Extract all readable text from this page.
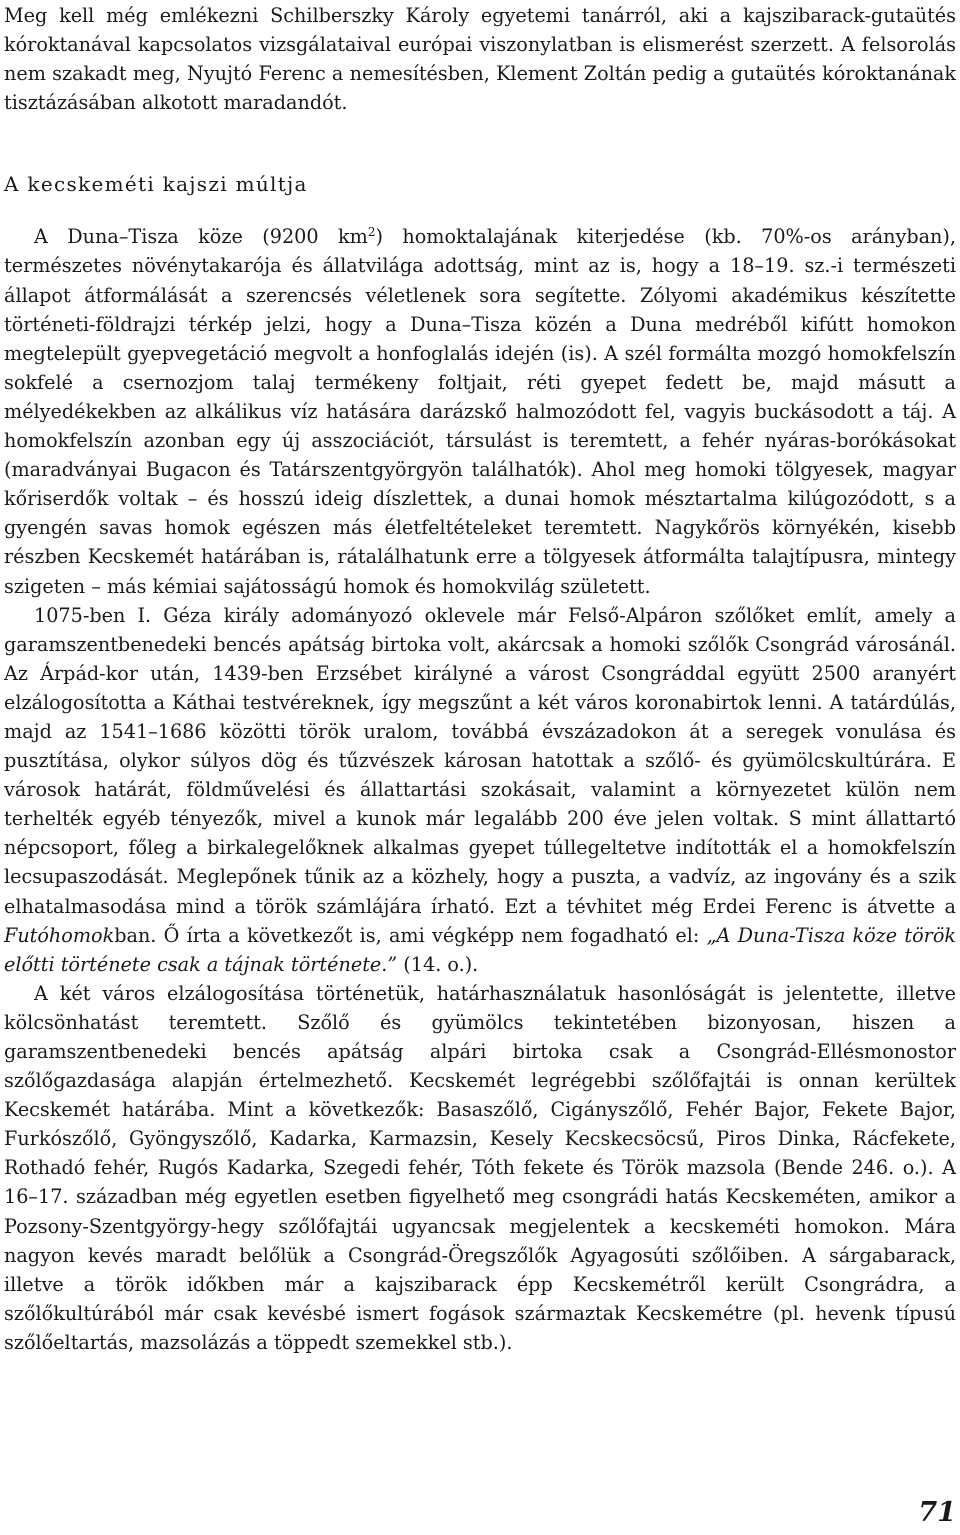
Meg kell még emlékezni Schilberszky Károly egyetemi tanárról, aki a kajszibarack-gutaütés kóroktanával kapcsolatos vizsgálataival európai viszonylatban is elismerést szerzett. A felsorolás nem szakadt meg, Nyujtó Ferenc a nemesítésben, Klement Zoltán pedig a gutaütés kóroktanának tisztázásában alkotott maradandót.

A kecskeméti kajszi múltja

A Duna–Tisza köze (9200 $km^2$) homoktalajának kiterjedése (kb. 70%-os arányban), természetes növénytakarója és állatvilága adottság, mint az is, hogy a 18–19. sz.-i természeti állapot átformálását a szerencsés véletlenek sora segítette. Zólyomi akadémikus készítette történeti-földrajzi térkép jelzi, hogy a Duna–Tisza közén a Duna medréből kifútt homokon megtelepült gyepvegetáció megvolt a honfoglalás idején (is). A szél formálta mozgó homokfelszín sokfelé a csernozjom talaj termékeny foltjait, réti gyepet fedett be, majd másutt a mélyedékekben az alkálikus víz hatására darázskő halmozódott fel, vagyis buckásodott a táj. A homokfelszín azonban egy új asszociációt, társulást is teremtett, a fehér nyáras-borókásokat (maradványai Bugacon és Tatárszentgyörgyön találhatók). Ahol meg homoki tölgyesek, magyar kőriserdők voltak – és hosszú ideig díszlettek, a dunai homok mésztartalma kilúgozódott, s a gyengén savas homok egészen más életfeltételeket teremtett. Nagykőrös környékén, kisebb részben Kecskemét határában is, rátalálhatunk erre a tölgyesek átformálta talajtípusra, mintegy szigeten – más kémiai sajátosságú homok és homokvilág született.

1075-ben I. Géza király adományozó oklevele már Felső-Alpáron szőlőket említ, amely a garamszentbenedeki bencés apátság birtoka volt, akárcsak a homoki szőlők Csongrád városánál. Az Árpád-kor után, 1439-ben Erzsébet királyné a várost Csongráddal együtt 2500 aranyért elzálogosította a Káthai testvéreknek, így megszűnt a két város koronabirtok lenni. A tatárdúlás, majd az 1541–1686 közötti török uralom, továbbá évszázadokon át a seregek vonulása és pusztítása, olykor súlyos dög és tűzvészek károsan hatottak a szőlő- és gyümölcskultúrára. E városok határát, földművelési és állattartási szokásait, valamint a környezetet külön nem terhelték egyéb tényezők, mivel a kunok már legalább 200 éve jelen voltak. S mint állattartó népcsoport, főleg a birkalegelőknek alkalmas gyepet túllegeltetve indították el a homokfelszín lecsupaszodását. Meglepőnek tűnik az a közhely, hogy a puszta, a vadvíz, az ingovány és a szik elhatalmasodása mind a török számlájára írható. Ezt a tévhitet még Erdei Ferenc is átvette a Futóhomokban. Ő írta a következőt is, ami végképp nem fogadható el: „A Duna-Tisza köze török előtti története csak a tájnak története.” (14. o.).

A két város elzálogosítása történetük, határhasználatuk hasonlóságát is jelentette, illetve kölcsönhatást teremtett. Szőlő és gyümölcs tekintetében bizonyosan, hiszen a garamszentbenedeki bencés apátság alpári birtoka csak a Csongrád-Ellésmonostor szőlőgazdasága alapján értelmezhető. Kecskemét legrégebbi szőlőfajtái is onnan kerültek Kecskemét határába. Mint a következők: Basaszőlő, Cigányszőlő, Fehér Bajor, Fekete Bajor, Furkószőlő, Gyöngyszőlő, Kadarka, Karmazsin, Kesely Kecskecsöcsű, Piros Dinka, Rácfekete, Rothadó fehér, Rugós Kadarka, Szegedi fehér, Tóth fekete és Török mazsola (Bende 246. o.). A 16–17. században még egyetlen esetben figyelhető meg csongrádi hatás Kecskeméten, amikor a Pozsony-Szentgyörgy-hegy szőlőfajtái ugyancsak megjelentek a kecskeméti homokon. Mára nagyon kevés maradt belőlük a Csongrád-Öregszőlők Agyagosúti szőlőiben. A sárgabarack, illetve a török időkben már a kajszibarack épp Kecskemétről került Csongrádra, a szőlőkultúrából már csak kevésbé ismert fogások származtak Kecskemétre (pl. hevenk típusú szőlőeltartás, mazsolázás a töppedt szemekkel stb.).

71
